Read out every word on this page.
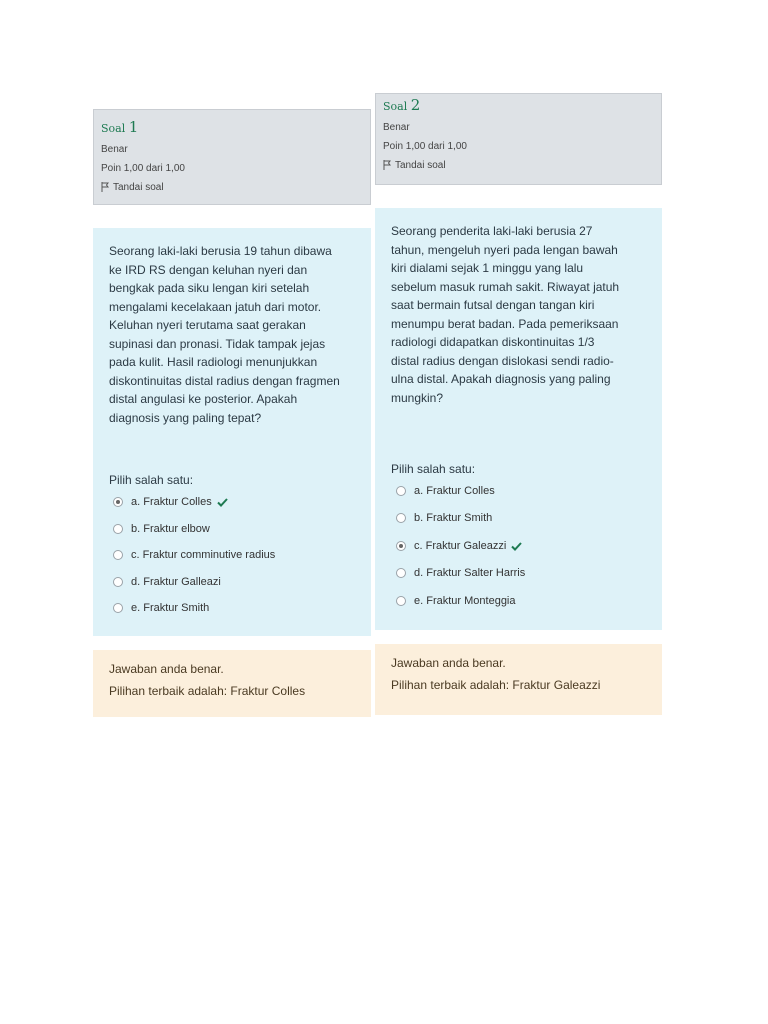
Soal 1
Benar
Poin 1,00 dari 1,00
Tandai soal
Seorang laki-laki berusia 19 tahun dibawa
ke IRD RS dengan keluhan nyeri dan
bengkak pada siku lengan kiri setelah
mengalami kecelakaan jatuh dari motor.
Keluhan nyeri terutama saat gerakan
supinasi dan pronasi. Tidak tampak jejas
pada kulit. Hasil radiologi menunjukkan
diskontinuitas distal radius dengan fragmen
distal angulasi ke posterior. Apakah
diagnosis yang paling tepat?
Pilih salah satu:
a. Fraktur Colles
b. Fraktur elbow
c. Fraktur comminutive radius
d. Fraktur Galleazi
e. Fraktur Smith
Jawaban anda benar.
Pilihan terbaik adalah: Fraktur Colles
Soal 2
Benar
Poin 1,00 dari 1,00
Tandai soal
Seorang penderita laki-laki berusia 27
tahun, mengeluh nyeri pada lengan bawah
kiri dialami sejak 1 minggu yang lalu
sebelum masuk rumah sakit. Riwayat jatuh
saat bermain futsal dengan tangan kiri
menumpu berat badan. Pada pemeriksaan
radiologi didapatkan diskontinuitas 1/3
distal radius dengan dislokasi sendi radio-
ulna distal. Apakah diagnosis yang paling
mungkin?
Pilih salah satu:
a. Fraktur Colles
b. Fraktur Smith
c. Fraktur Galeazzi
d. Fraktur Salter Harris
e. Fraktur Monteggia
Jawaban anda benar.
Pilihan terbaik adalah: Fraktur Galeazzi
